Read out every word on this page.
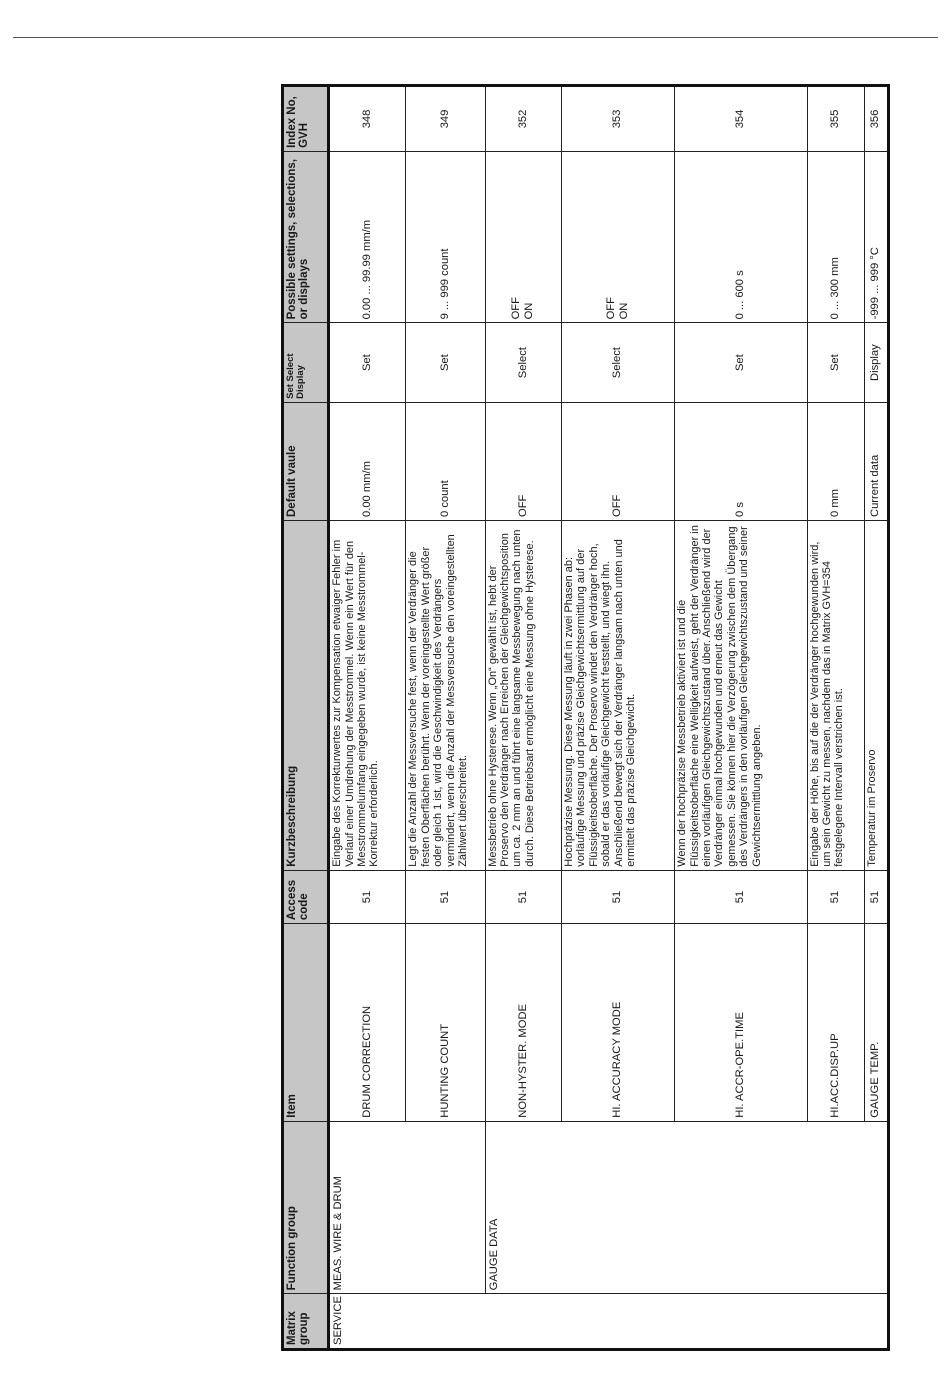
Matrix group	Function group	Item	Access code	Kurzbeschreibung	Default vaule	Set Select Display	Possible settings, selections, or displays	Index No, GVH
SERVICE	MEAS. WIRE & DRUM	DRUM CORRECTION	51	Eingabe des Korrekturwertes zur Kompensation etwaiger Fehler im Verlauf einer Umdrehung der Messtrommel. Wenn ein Wert für den Messtrommelumfang eingegeben wurde, ist keine Messtrommel-Korrektur erforderlich.	0.00 mm/m	Set	0.00 ... 99.99 mm/m	348
		HUNTING COUNT	51	Legt die Anzahl der Messversuche fest, wenn der Verdränger die festen Oberflächen berührt. Wenn der voreingestellte Wert größer oder gleich 1 ist, wird die Geschwindigkeit des Verdrängers vermindert, wenn die Anzahl der Messversuche den voreingestellten Zählwert überschreitet.	0 count	Set	9 ... 999 count	349
	GAUGE DATA	NON-HYSTER. MODE	51	Messbetrieb ohne Hysterese. Wenn „On“ gewählt ist, hebt der Proservo den Verdränger nach Erreichen der Gleichgewichtsposition um ca. 2 mm an und führt eine langsame Messbewegung nach unten durch. Diese Betriebsart ermöglicht eine Messung ohne Hysterese.	OFF	Select	OFF ON	352
		HI. ACCURACY MODE	51	Hochpräzise Messung. Diese Messung läuft in zwei Phasen ab: vorläufige Messung und präzise Gleichgewichtsermittlung auf der Flüssigkeitsoberfläche. Der Proservo windet den Verdränger hoch, sobald er das vorläufige Gleichgewicht feststellt, und wiegt ihn. Anschließend bewegt sich der Verdränger langsam nach unten und ermittelt das präzise Gleichgewicht.	OFF	Select	OFF ON	353
		HI. ACCR-OPE.TIME	51	Wenn der hochpräzise Messbetrieb aktiviert ist und die Flüssigkeitsoberfläche eine Welligkeit aufweist, geht der Verdränger in einen vorläufigen Gleichgewichtszustand über. Anschließend wird der Verdränger einmal hochgewunden und erneut das Gewicht gemessen. Sie können hier die Verzögerung zwischen dem Übergang des Verdrängers in den vorläufigen Gleichgewichtszustand und seiner Gewichtsermittlung angeben.	0 s	Set	0 ... 600 s	354
		HI.ACC.DISP.UP	51	Eingabe der Höhe, bis auf die der Verdränger hochgewunden wird, um sein Gewicht zu messen, nachdem das in Matrix GVH=354 festgelegene Intervall verstrichen ist.	0 mm	Set	0 ... 300 mm	355
		GAUGE TEMP.	51	Temperatur im Proservo	Current data	Display	-999 ... 999 °C	356
